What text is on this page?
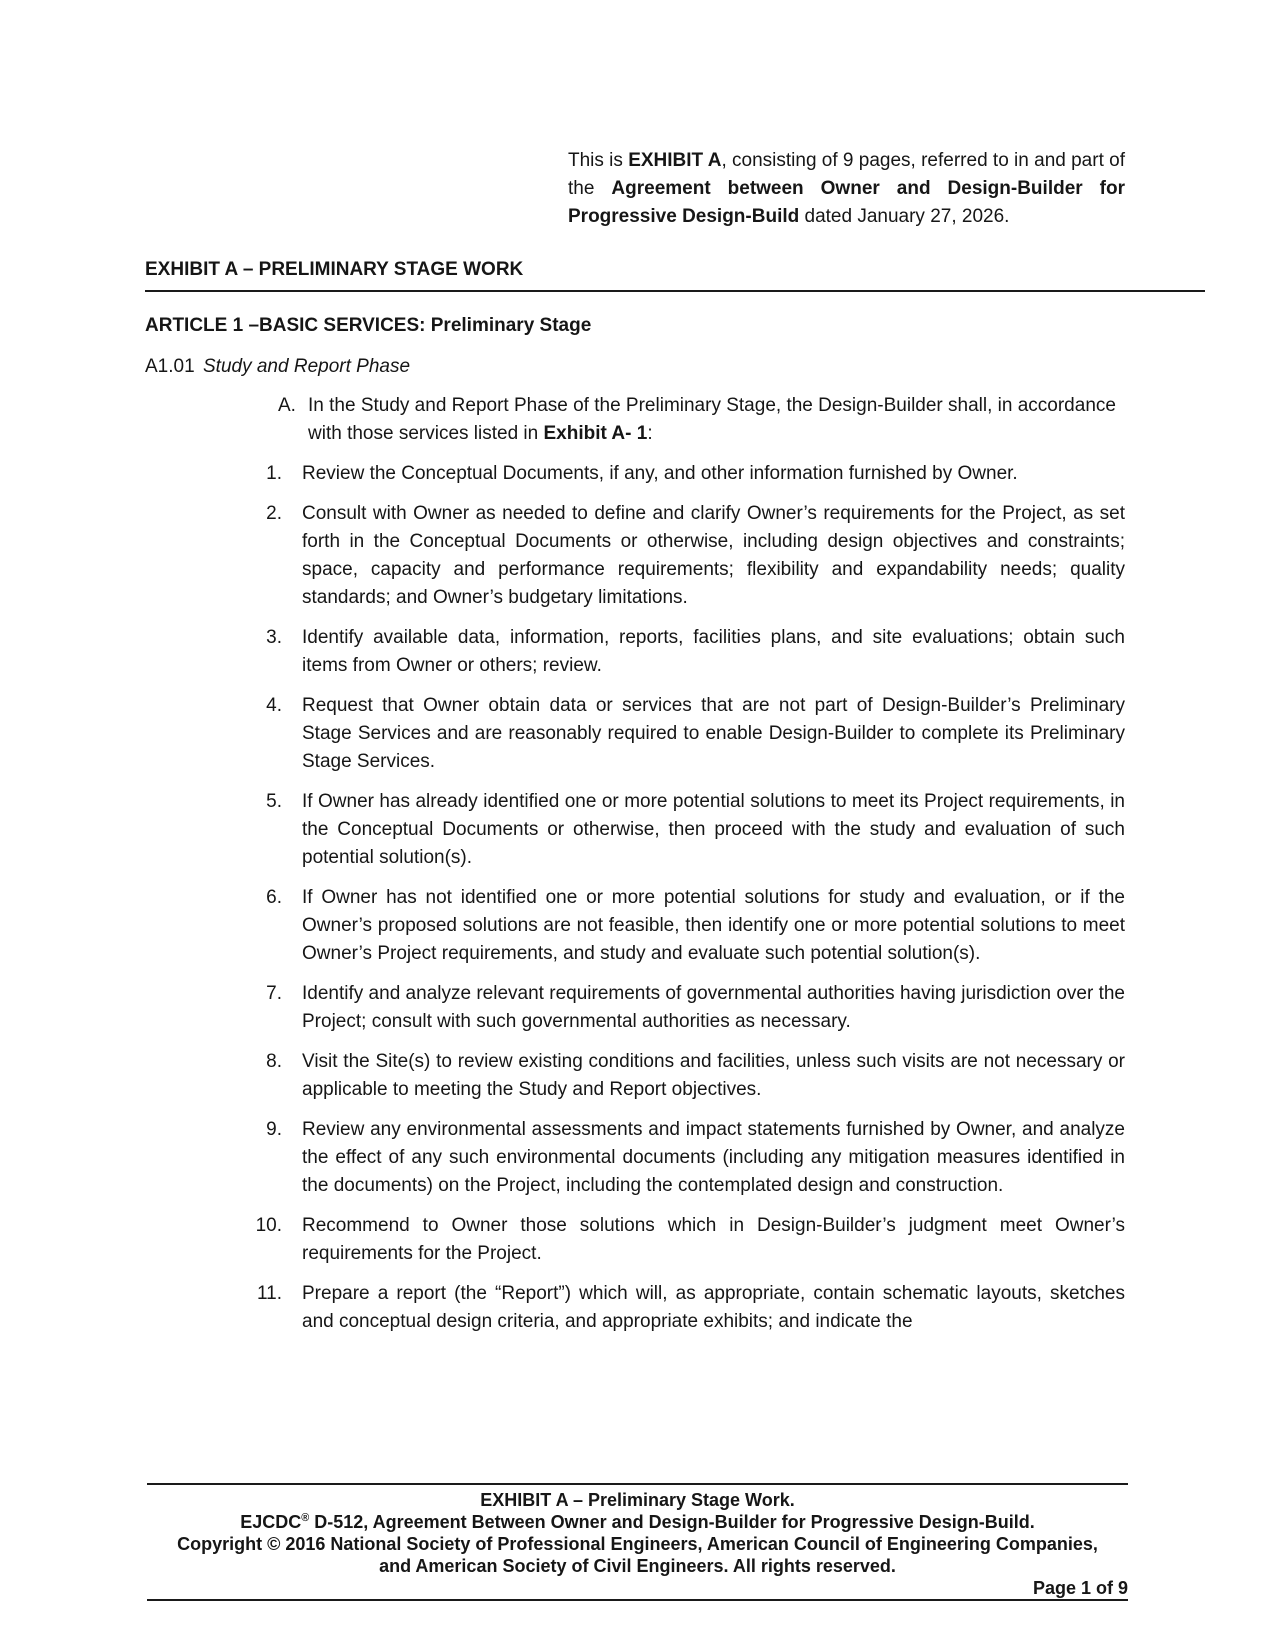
This is EXHIBIT A, consisting of 9 pages, referred to in and part of the Agreement between Owner and Design-Builder for Progressive Design-Build dated January 27, 2026.

EXHIBIT A – PRELIMINARY STAGE WORK
ARTICLE 1 –BASIC SERVICES: Preliminary Stage
A1.01 Study and Report Phase
A. In the Study and Report Phase of the Preliminary Stage, the Design-Builder shall, in accordance with those services listed in Exhibit A- 1:
1. Review the Conceptual Documents, if any, and other information furnished by Owner.
2. Consult with Owner as needed to define and clarify Owner’s requirements for the Project, as set forth in the Conceptual Documents or otherwise, including design objectives and constraints; space, capacity and performance requirements; flexibility and expandability needs; quality standards; and Owner’s budgetary limitations.
3. Identify available data, information, reports, facilities plans, and site evaluations; obtain such items from Owner or others; review.
4. Request that Owner obtain data or services that are not part of Design-Builder’s Preliminary Stage Services and are reasonably required to enable Design-Builder to complete its Preliminary Stage Services.
5. If Owner has already identified one or more potential solutions to meet its Project requirements, in the Conceptual Documents or otherwise, then proceed with the study and evaluation of such potential solution(s).
6. If Owner has not identified one or more potential solutions for study and evaluation, or if the Owner’s proposed solutions are not feasible, then identify one or more potential solutions to meet Owner’s Project requirements, and study and evaluate such potential solution(s).
7. Identify and analyze relevant requirements of governmental authorities having jurisdiction over the Project; consult with such governmental authorities as necessary.
8. Visit the Site(s) to review existing conditions and facilities, unless such visits are not necessary or applicable to meeting the Study and Report objectives.
9. Review any environmental assessments and impact statements furnished by Owner, and analyze the effect of any such environmental documents (including any mitigation measures identified in the documents) on the Project, including the contemplated design and construction.
10. Recommend to Owner those solutions which in Design-Builder’s judgment meet Owner’s requirements for the Project.
11. Prepare a report (the “Report”) which will, as appropriate, contain schematic layouts, sketches and conceptual design criteria, and appropriate exhibits; and indicate the
EXHIBIT A – Preliminary Stage Work.
EJCDC® D-512, Agreement Between Owner and Design-Builder for Progressive Design-Build.
Copyright © 2016 National Society of Professional Engineers, American Council of Engineering Companies,
and American Society of Civil Engineers. All rights reserved.
Page 1 of 9
